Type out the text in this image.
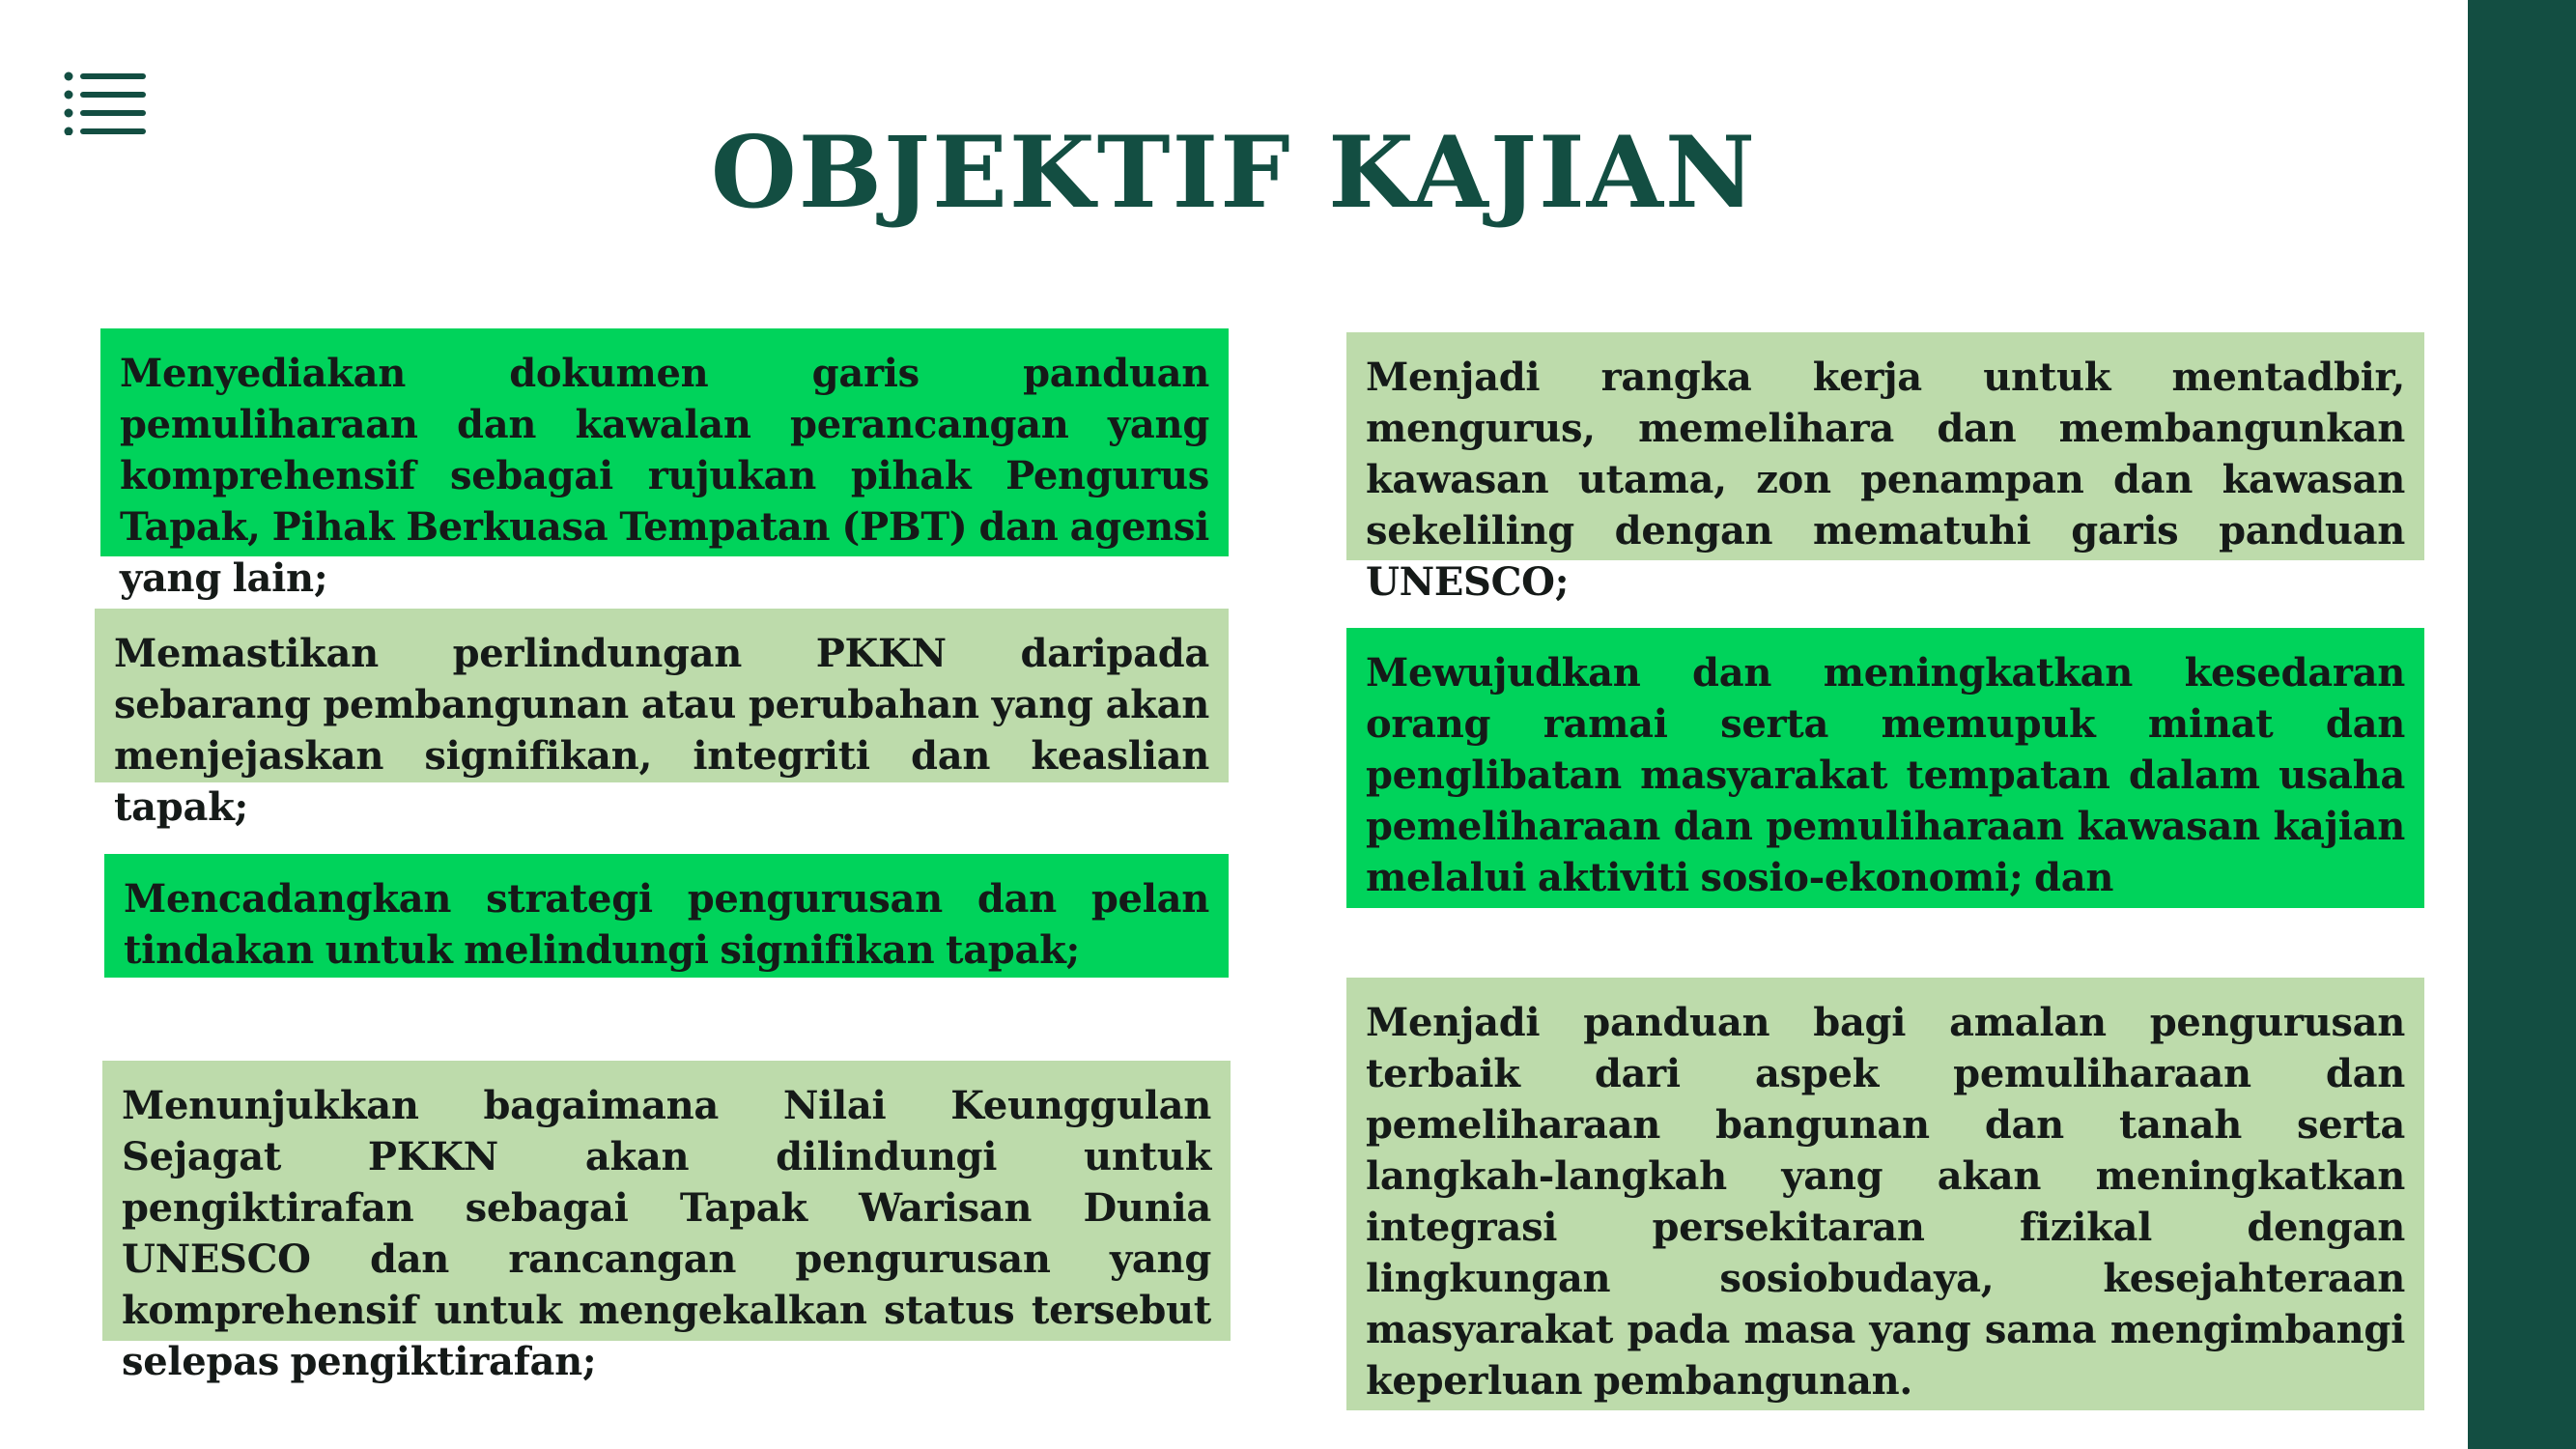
OBJEKTIF KAJIAN
Menyediakan dokumen garis panduan pemuliharaan dan kawalan perancangan yang komprehensif sebagai rujukan pihak Pengurus Tapak, Pihak Berkuasa Tempatan (PBT) dan agensi yang lain;
Memastikan perlindungan PKKN daripada sebarang pembangunan atau perubahan yang akan menjejaskan signifikan, integriti dan keaslian tapak;
Mencadangkan strategi pengurusan dan pelan tindakan untuk melindungi signifikan tapak;
Menunjukkan bagaimana Nilai Keunggulan Sejagat PKKN akan dilindungi untuk pengiktirafan sebagai Tapak Warisan Dunia UNESCO dan rancangan pengurusan yang komprehensif untuk mengekalkan status tersebut selepas pengiktirafan;
Menjadi rangka kerja untuk mentadbir, mengurus, memelihara dan membangunkan kawasan utama, zon penampan dan kawasan sekeliling dengan mematuhi garis panduan UNESCO;
Mewujudkan dan meningkatkan kesedaran orang ramai serta memupuk minat dan penglibatan masyarakat tempatan dalam usaha pemeliharaan dan pemuliharaan kawasan kajian melalui aktiviti sosio-ekonomi; dan
Menjadi panduan bagi amalan pengurusan terbaik dari aspek pemuliharaan dan pemeliharaan bangunan dan tanah serta langkah-langkah yang akan meningkatkan integrasi persekitaran fizikal dengan lingkungan sosiobudaya, kesejahteraan masyarakat pada masa yang sama mengimbangi keperluan pembangunan.
